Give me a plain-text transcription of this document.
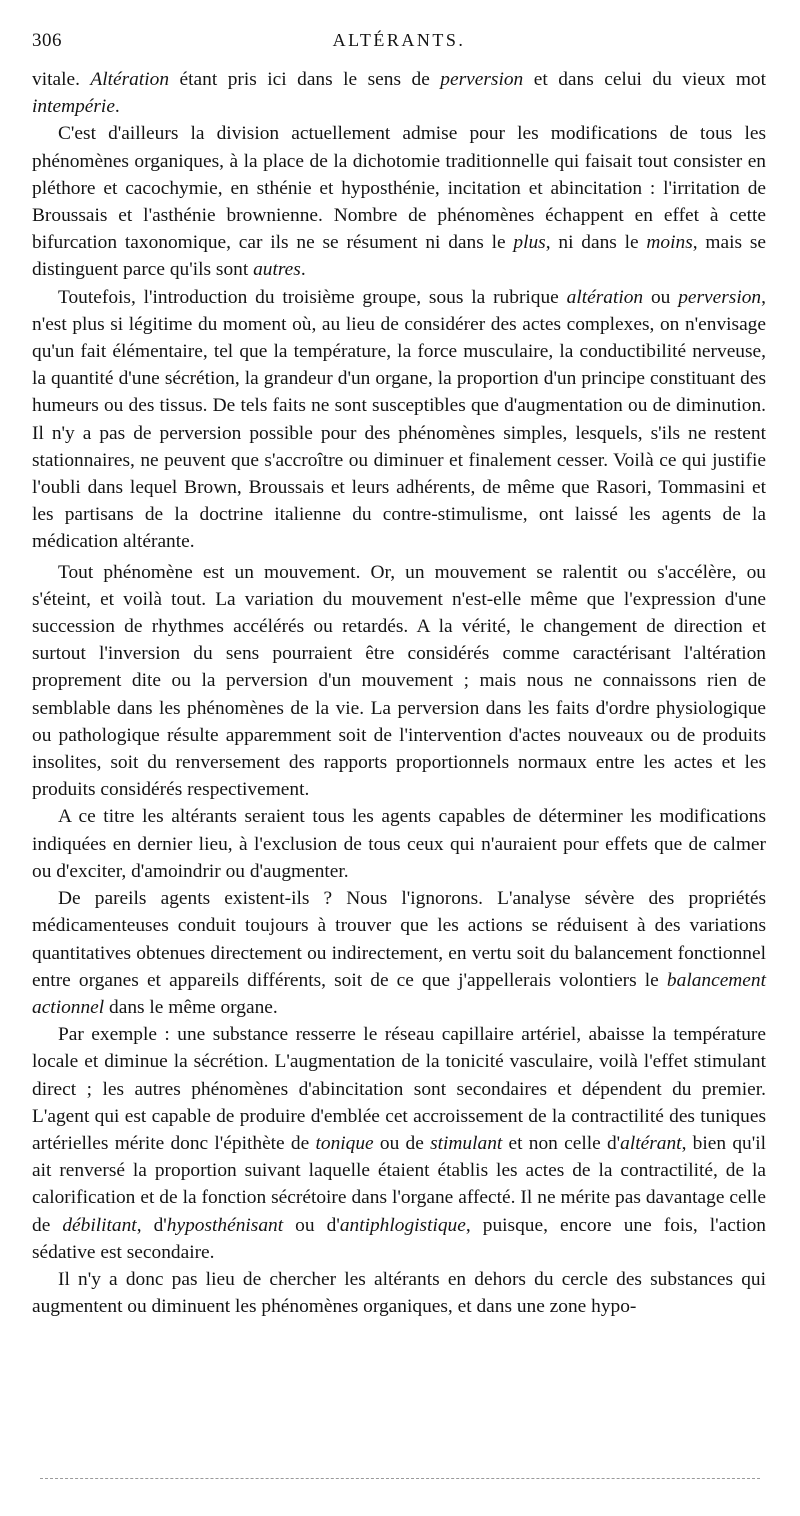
306	ALTÉRANTS.

vitale. Altération étant pris ici dans le sens de perversion et dans celui du vieux mot intempérie.

C'est d'ailleurs la division actuellement admise pour les modifications de tous les phénomènes organiques, à la place de la dichotomie traditionnelle qui faisait tout consister en pléthore et cacochymie, en sthénie et hyposthénie, incitation et abincitation : l'irritation de Broussais et l'asthénie brownienne. Nombre de phénomènes échappent en effet à cette bifurcation taxonomique, car ils ne se résument ni dans le plus, ni dans le moins, mais se distinguent parce qu'ils sont autres.

Toutefois, l'introduction du troisième groupe, sous la rubrique altération ou perversion, n'est plus si légitime du moment où, au lieu de considérer des actes complexes, on n'envisage qu'un fait élémentaire, tel que la température, la force musculaire, la conductibilité nerveuse, la quantité d'une sécrétion, la grandeur d'un organe, la proportion d'un principe constituant des humeurs ou des tissus. De tels faits ne sont susceptibles que d'augmentation ou de diminution. Il n'y a pas de perversion possible pour des phénomènes simples, lesquels, s'ils ne restent stationnaires, ne peuvent que s'accroître ou diminuer et finalement cesser. Voilà ce qui justifie l'oubli dans lequel Brown, Broussais et leurs adhérents, de même que Rasori, Tommasini et les partisans de la doctrine italienne du contre-stimulisme, ont laissé les agents de la médication altérante.

Tout phénomène est un mouvement. Or, un mouvement se ralentit ou s'accélère, ou s'éteint, et voilà tout. La variation du mouvement n'est-elle même que l'expression d'une succession de rhythmes accélérés ou retardés. A la vérité, le changement de direction et surtout l'inversion du sens pourraient être considérés comme caractérisant l'altération proprement dite ou la perversion d'un mouvement ; mais nous ne connaissons rien de semblable dans les phénomènes de la vie. La perversion dans les faits d'ordre physiologique ou pathologique résulte apparemment soit de l'intervention d'actes nouveaux ou de produits insolites, soit du renversement des rapports proportionnels normaux entre les actes et les produits considérés respectivement.

A ce titre les altérants seraient tous les agents capables de déterminer les modifications indiquées en dernier lieu, à l'exclusion de tous ceux qui n'auraient pour effets que de calmer ou d'exciter, d'amoindrir ou d'augmenter.

De pareils agents existent-ils ? Nous l'ignorons. L'analyse sévère des propriétés médicamenteuses conduit toujours à trouver que les actions se réduisent à des variations quantitatives obtenues directement ou indirectement, en vertu soit du balancement fonctionnel entre organes et appareils différents, soit de ce que j'appellerais volontiers le balancement actionnel dans le même organe.

Par exemple : une substance resserre le réseau capillaire artériel, abaisse la température locale et diminue la sécrétion. L'augmentation de la tonicité vasculaire, voilà l'effet stimulant direct ; les autres phénomènes d'abincitation sont secondaires et dépendent du premier. L'agent qui est capable de produire d'emblée cet accroissement de la contractilité des tuniques artérielles mérite donc l'épithète de tonique ou de stimulant et non celle d'altérant, bien qu'il ait renversé la proportion suivant laquelle étaient établis les actes de la contractilité, de la calorification et de la fonction sécrétoire dans l'organe affecté. Il ne mérite pas davantage celle de débilitant, d'hyposthénisant ou d'antiphlogistique, puisque, encore une fois, l'action sédative est secondaire.

Il n'y a donc pas lieu de chercher les altérants en dehors du cercle des substances qui augmentent ou diminuent les phénomènes organiques, et dans une zone hypo-
